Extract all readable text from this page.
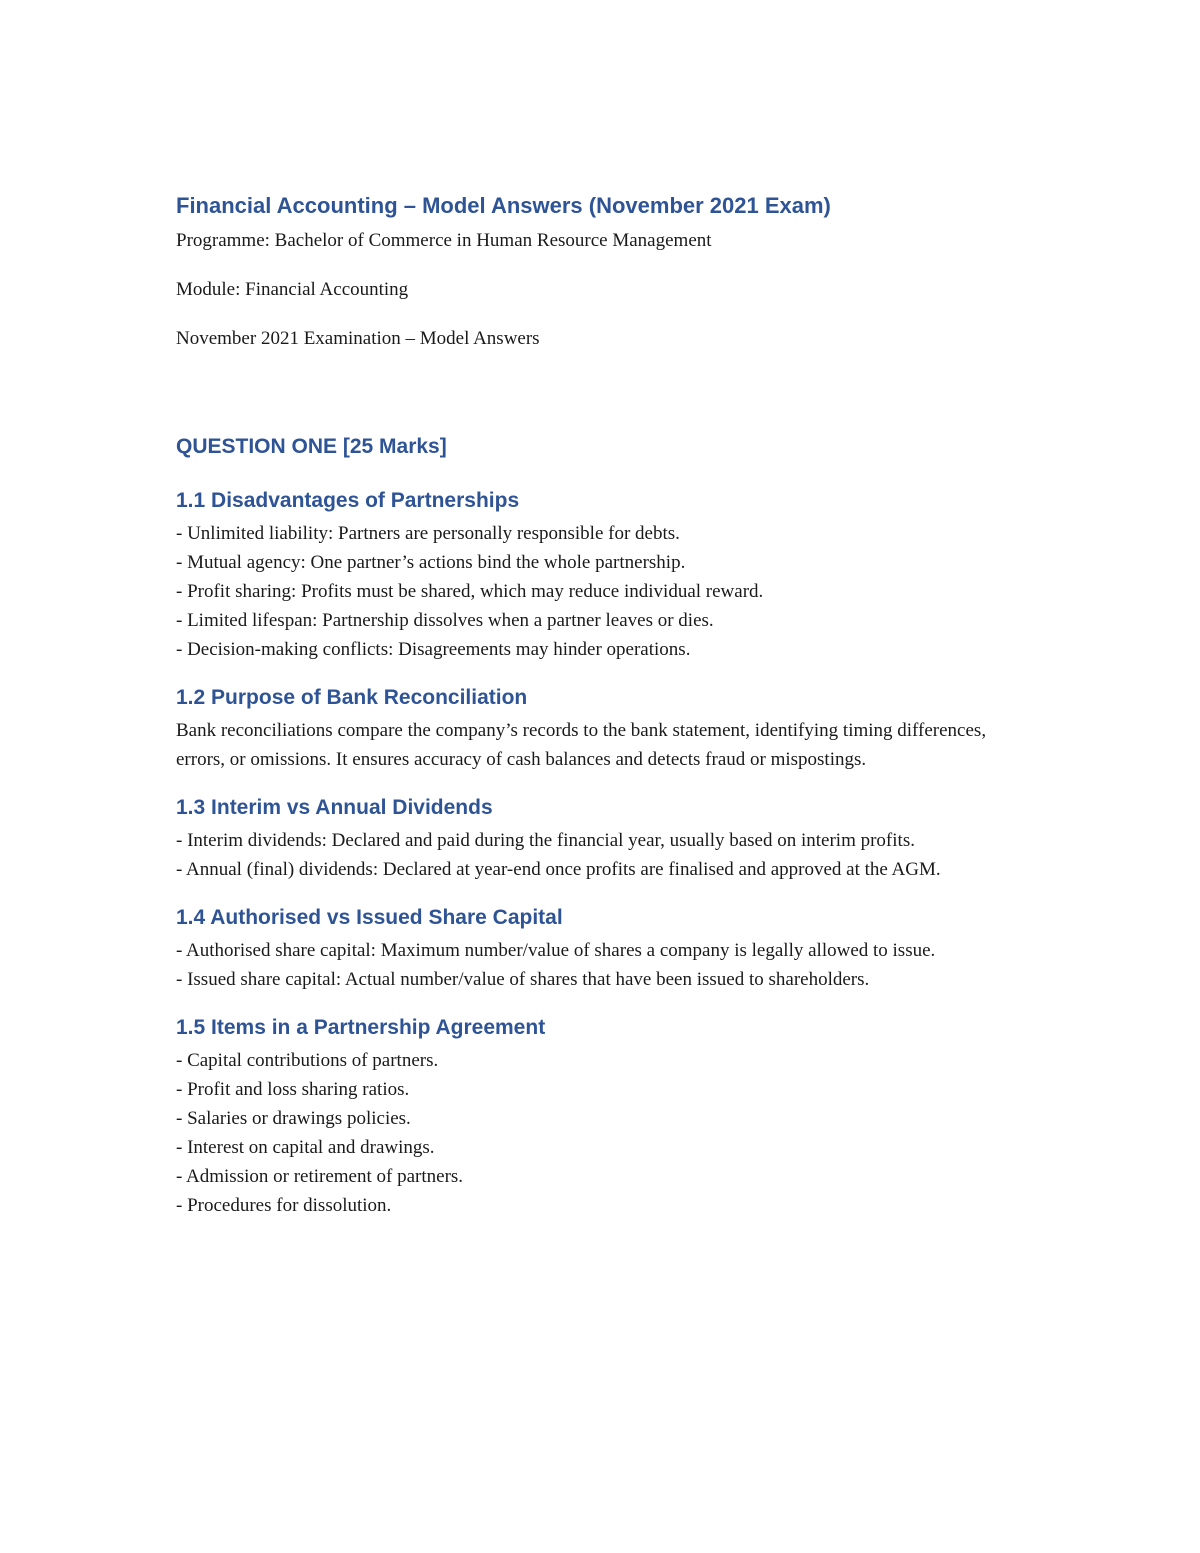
Financial Accounting – Model Answers (November 2021 Exam)

Programme: Bachelor of Commerce in Human Resource Management

Module: Financial Accounting

November 2021 Examination – Model Answers

QUESTION ONE [25 Marks]
1.1 Disadvantages of Partnerships

- Unlimited liability: Partners are personally responsible for debts.

- Mutual agency: One partner’s actions bind the whole partnership.

- Profit sharing: Profits must be shared, which may reduce individual reward.

- Limited lifespan: Partnership dissolves when a partner leaves or dies.

- Decision-making conflicts: Disagreements may hinder operations.

1.2 Purpose of Bank Reconciliation

Bank reconciliations compare the company’s records to the bank statement, identifying timing differences, errors, or omissions. It ensures accuracy of cash balances and detects fraud or mispostings.

1.3 Interim vs Annual Dividends

- Interim dividends: Declared and paid during the financial year, usually based on interim profits.

- Annual (final) dividends: Declared at year-end once profits are finalised and approved at the AGM.

1.4 Authorised vs Issued Share Capital

- Authorised share capital: Maximum number/value of shares a company is legally allowed to issue.

- Issued share capital: Actual number/value of shares that have been issued to shareholders.

1.5 Items in a Partnership Agreement

- Capital contributions of partners.

- Profit and loss sharing ratios.

- Salaries or drawings policies.

- Interest on capital and drawings.

- Admission or retirement of partners.

- Procedures for dissolution.
